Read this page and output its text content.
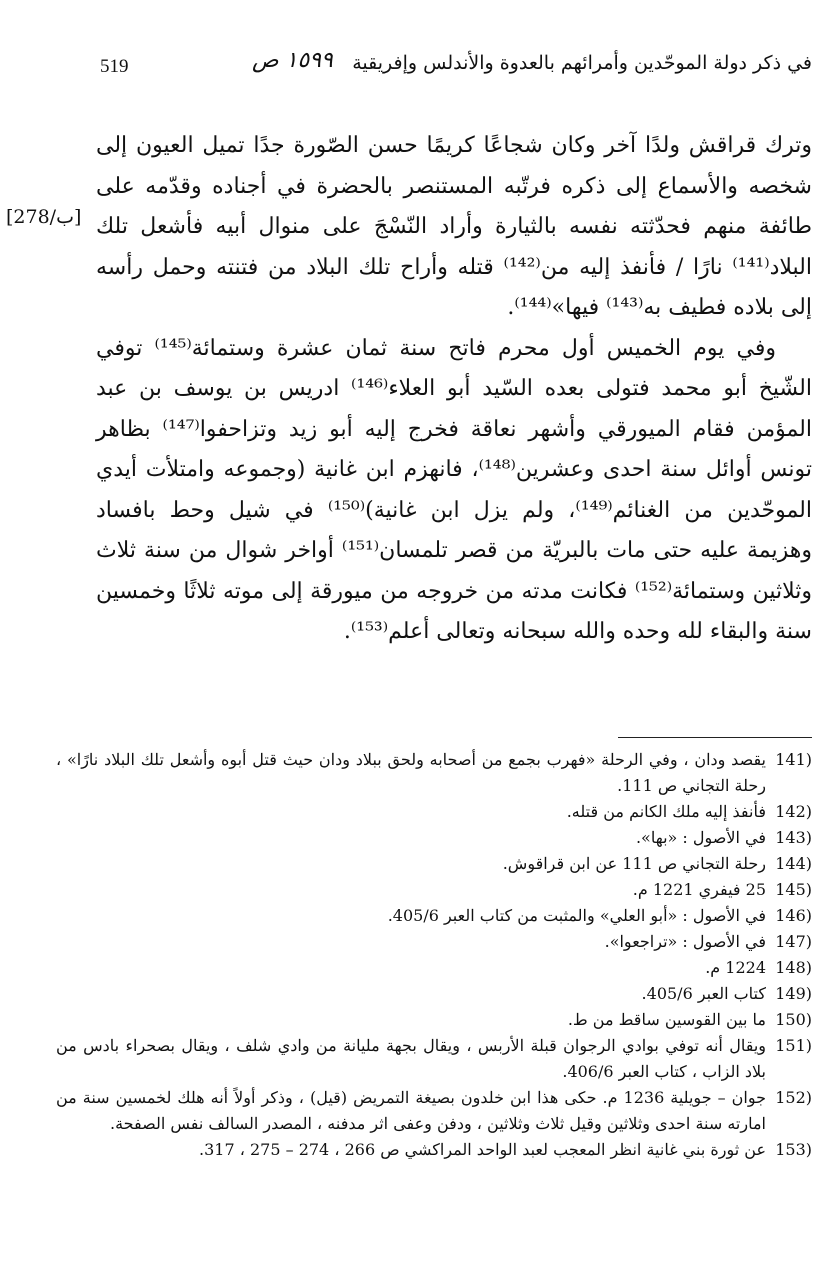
في ذكر دولة الموحّدين وأمرائهم بالعدوة والأندلس وإفريقية
١٥٩٩ ص
519
[278/ب]

وترك قراقش ولدًا آخر وكان شجاعًا كريمًا حسن الصّورة جدًا تميل العيون إلى شخصه والأسماع إلى ذكره فرتّبه المستنصر بالحضرة في أجناده وقدّمه على طائفة منهم فحدّثته نفسه بالثيارة وأراد النّسْجَ على منوال أبيه فأشعل تلك البلاد⁽¹⁴¹⁾ نارًا / فأنفذ إليه من⁽¹⁴²⁾ قتله وأراح تلك البلاد من فتنته وحمل رأسه إلى بلاده فطيف به⁽¹⁴³⁾ فيها»⁽¹⁴⁴⁾.

وفي يوم الخميس أول محرم فاتح سنة ثمان عشرة وستمائة⁽¹⁴⁵⁾ توفي الشّيخ أبو محمد فتولى بعده السّيد أبو العلاء⁽¹⁴⁶⁾ ادريس بن يوسف بن عبد المؤمن فقام الميورقي وأشهر نعاقة فخرج إليه أبو زيد وتزاحفوا⁽¹⁴⁷⁾ بظاهر تونس أوائل سنة احدى وعشرين⁽¹⁴⁸⁾، فانهزم ابن غانية (وجموعه وامتلأت أيدي الموحّدين من الغنائم⁽¹⁴⁹⁾، ولم يزل ابن غانية)⁽¹⁵⁰⁾ في شيل وحط بافساد وهزيمة عليه حتى مات بالبريّة من قصر تلمسان⁽¹⁵¹⁾ أواخر شوال من سنة ثلاث وثلاثين وستمائة⁽¹⁵²⁾ فكانت مدته من خروجه من ميورقة إلى موته ثلاثًا وخمسين سنة والبقاء لله وحده والله سبحانه وتعالى أعلم⁽¹⁵³⁾.

(141
يقصد ودان ، وفي الرحلة «فهرب بجمع من أصحابه ولحق ببلاد ودان حيث قتل أبوه وأشعل تلك البلاد نارًا» ، رحلة التجاني ص 111.
(142
فأنفذ إليه ملك الكانم من قتله.
(143
في الأصول : «بها».
(144
رحلة التجاني ص 111 عن ابن قراقوش.
(145
25 فيفري 1221 م.
(146
في الأصول : «أبو العلي» والمثبت من كتاب العبر 405/6.
(147
في الأصول : «تراجعوا».
(148
1224 م.
(149
كتاب العبر 405/6.
(150
ما بين القوسين ساقط من ط.
(151
ويقال أنه توفي بوادي الرجوان قبلة الأربس ، ويقال بجهة مليانة من وادي شلف ، ويقال بصحراء بادس من بلاد الزاب ، كتاب العبر 406/6.
(152
جوان – جويلية 1236 م. حكى هذا ابن خلدون بصيغة التمريض (قيل) ، وذكر أولاً أنه هلك لخمسين سنة من امارته سنة احدى وثلاثين وقيل ثلاث وثلاثين ، ودفن وعفى اثر مدفنه ، المصدر السالف نفس الصفحة.
(153
عن ثورة بني غانية انظر المعجب لعبد الواحد المراكشي ص 266 ، 274 – 275 ، 317.
